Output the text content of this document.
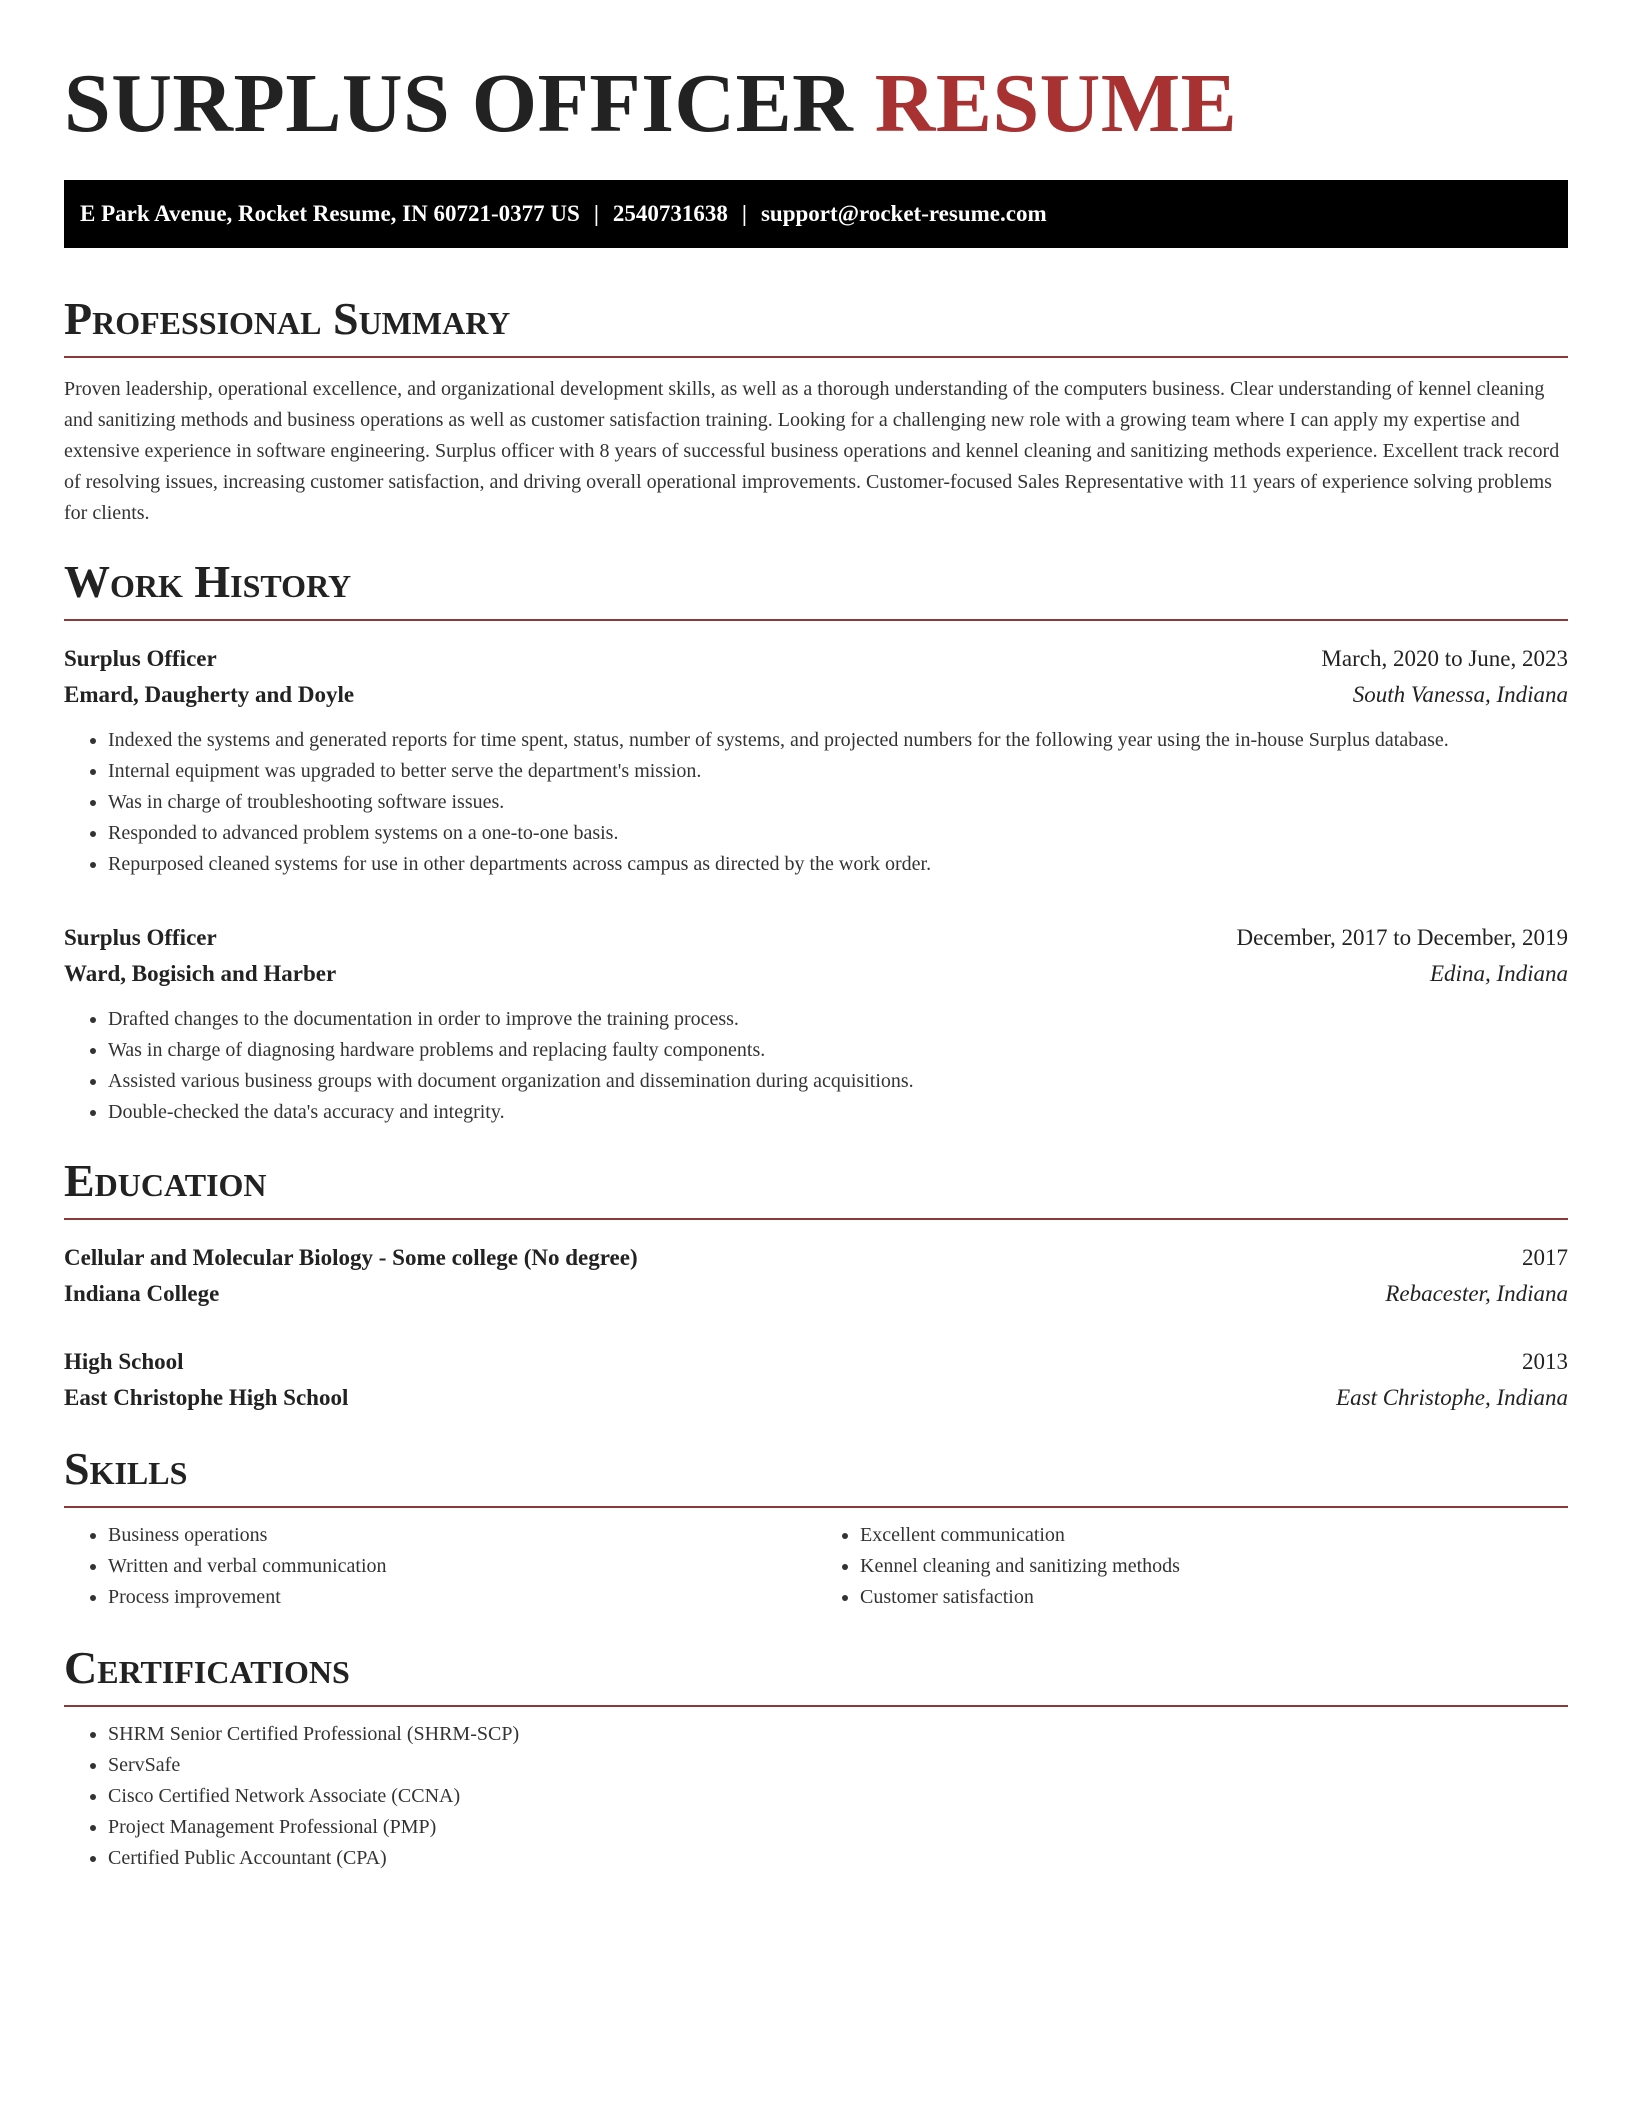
SURPLUS OFFICER RESUME
E Park Avenue, Rocket Resume, IN 60721-0377 US | 2540731638 | support@rocket-resume.com
Professional Summary

Proven leadership, operational excellence, and organizational development skills, as well as a thorough understanding of the computers business. Clear understanding of kennel cleaning and sanitizing methods and business operations as well as customer satisfaction training. Looking for a challenging new role with a growing team where I can apply my expertise and extensive experience in software engineering. Surplus officer with 8 years of successful business operations and kennel cleaning and sanitizing methods experience. Excellent track record of resolving issues, increasing customer satisfaction, and driving overall operational improvements. Customer-focused Sales Representative with 11 years of experience solving problems for clients.

Work History
Surplus Officer	March, 2020 to June, 2023
Emard, Daugherty and Doyle	South Vanessa, Indiana
• Indexed the systems and generated reports for time spent, status, number of systems, and projected numbers for the following year using the in-house Surplus database.
• Internal equipment was upgraded to better serve the department's mission.
• Was in charge of troubleshooting software issues.
• Responded to advanced problem systems on a one-to-one basis.
• Repurposed cleaned systems for use in other departments across campus as directed by the work order.
Surplus Officer	December, 2017 to December, 2019
Ward, Bogisich and Harber	Edina, Indiana
• Drafted changes to the documentation in order to improve the training process.
• Was in charge of diagnosing hardware problems and replacing faulty components.
• Assisted various business groups with document organization and dissemination during acquisitions.
• Double-checked the data's accuracy and integrity.
Education
Cellular and Molecular Biology - Some college (No degree)	2017
Indiana College	Rebacester, Indiana
High School	2013
East Christophe High School	East Christophe, Indiana
Skills
• Business operations
• Written and verbal communication
• Process improvement
• Excellent communication
• Kennel cleaning and sanitizing methods
• Customer satisfaction
Certifications
• SHRM Senior Certified Professional (SHRM-SCP)
• ServSafe
• Cisco Certified Network Associate (CCNA)
• Project Management Professional (PMP)
• Certified Public Accountant (CPA)
